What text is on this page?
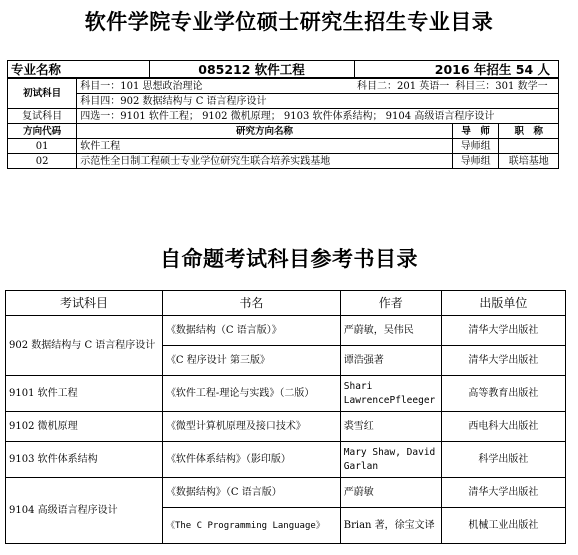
软件学院专业学位硕士研究生招生专业目录
专业名称		085212 软件工程	2016 年招生 54 人		
初试科目	科目一：101 思想政治理论		科目二：201 英语一	科目三：301 数学一	
	科目四：902 数据结构与 C 语言程序设计				
复试科目	四选一：9101 软件工程； 9102 微机原理； 9103 软件体系结构； 9104 高级语言程序设计				
方向代码	研究方向名称			导　师	职　称
01	软件工程			导师组	
02	示范性全日制工程硕士专业学位研究生联合培养实践基地			导师组	联培基地
自命题考试科目参考书目录
考试科目	书名	作者	出版单位
902 数据结构与 C 语言程序设计	《数据结构（C 语言版）》	严蔚敏，吴伟民	清华大学出版社
	《C 程序设计 第三版》	谭浩强著	清华大学出版社
9101 软件工程	《软件工程-理论与实践》（二版）	Shari LawrencePfleeger	高等教育出版社
9102 微机原理	《微型计算机原理及接口技术》	裘雪红	西电科大出版社
9103 软件体系结构	《软件体系结构》（影印版）	Mary Shaw, David Garlan	科学出版社
9104 高级语言程序设计	《数据结构》（C 语言版）	严蔚敏	清华大学出版社
	《The C Programming Language》	Brian 著，徐宝文译	机械工业出版社
